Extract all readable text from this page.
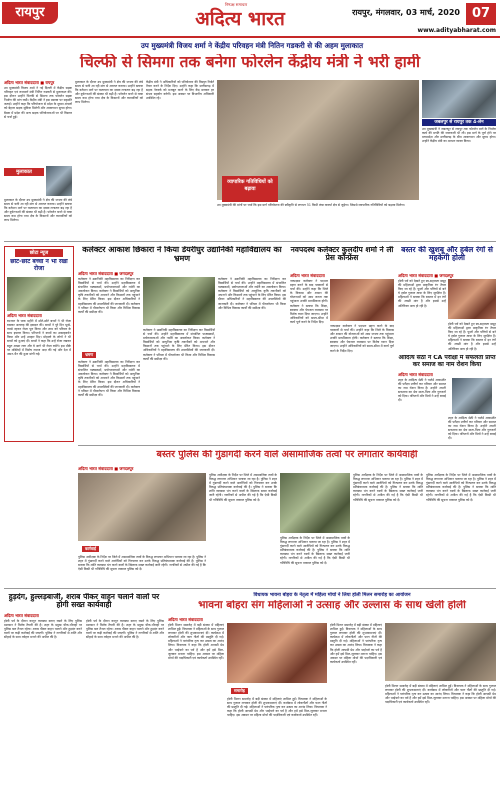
रायपुर
निष्पक्ष समाचार
अदित्य भारत	रायपुर, मंगलवार, 03 मार्च, 2020 07
www.adityabharat.com
उप मुख्यमंत्री विजय शर्मा ने केंद्रीय परिवहन मंत्री नितिन गडकरी से की अहम मुलाकात
चिल्फी से सिमगा तक बनेगा फोरलेन केंद्रीय मंत्री ने भरी हामी
अदित्य भारत संवाददाता ■ रायपुर
उप मुख्यमंत्री विजय शर्मा ने नई दिल्ली में केंद्रीय सड़क परिवहन एवं राजमार्ग मंत्री नितिन गडकरी से मुलाकात की। इस दौरान उन्होंने चिल्फी से सिमगा तक फोरलेन सड़क निर्माण की मांग रखी। केंद्रीय मंत्री ने इस प्रस्ताव पर सहमति जताई। उन्होंने कहा कि परियोजना से प्रदेश के दूरस्थ अंचलों को बेहतर सड़क सुविधा मिलेगी और आवागमन सुगम होगा। बैठक में प्रदेश की अन्य सड़क परियोजनाओं पर भी विस्तार से चर्चा हुई।
मुलाकात
मुलाकात के दौरान उप मुख्यमंत्री ने क्षेत्र की जनता की लंबे समय से चली आ रही मांग से अवगत कराया। उन्होंने बताया कि वर्तमान मार्ग पर यातायात का दबाव लगातार बढ़ रहा है और दुर्घटनाओं की संख्या भी बढ़ी है। फोरलेन बनने से यात्रा समय कम होगा तथा क्षेत्र के किसानों और व्यापारियों को लाभ मिलेगा।
मुलाकात के दौरान उप मुख्यमंत्री ने क्षेत्र की जनता की लंबे समय से चली आ रही मांग से अवगत कराया। उन्होंने बताया कि वर्तमान मार्ग पर यातायात का दबाव लगातार बढ़ रहा है और दुर्घटनाओं की संख्या भी बढ़ी है। फोरलेन बनने से यात्रा समय कम होगा तथा क्षेत्र के किसानों और व्यापारियों को लाभ मिलेगा।
केंद्रीय मंत्री ने अधिकारियों को परियोजना की विस्तृत रिपोर्ट तैयार करने के निर्देश दिए। उन्होंने कहा कि छत्तीसगढ़ में सड़क नेटवर्क को मजबूत करने के लिए केंद्र सरकार हर संभव सहयोग करेगी। इस अवसर पर विभागीय अधिकारी उपस्थित रहे।
व्यापारिक गतिविधियों को बढ़ावा
उप मुख्यमंत्री की मांगों पर चर्चा कि इस मार्ग परियोजना की स्वीकृति से लगभग 51 किमी लंबा कवर्धा क्षेत्र से जुड़ेगा। जिससे व्यापारिक गतिविधियों को बढ़ावा मिलेगा।
जबलपुर से रायपुर तक 4-लेन
उप मुख्यमंत्री ने जबलपुर से रायपुर तक फोरलेन मार्ग के निर्माण कार्य की प्रगति की जानकारी भी ली। इस मार्ग के पूर्ण होने पर मध्यप्रदेश और छत्तीसगढ़ के बीच आवागमन और सुगम होगा। उन्होंने केंद्रीय मंत्री का आभार व्यक्त किया।
छोटा न्यूज
छोटे-छोटे बच्चों ने भी रखा रोजा
अदित्य भारत संवाददाता
रमजान के पाक महीने में छोटे-छोटे बच्चों ने भी रोजा रखकर अल्लाह की इबादत की। बच्चों ने पूरे दिन भूखे-प्यासे रहकर रोजा पूरा किया और शाम को परिवार के साथ इफ्तार किया। परिजनों ने बच्चों का उत्साहवर्धन किया और उन्हें उपहार दिए। मोहल्ले के लोगों ने भी बच्चों को दुआएं दीं। बच्चों ने कहा कि उन्हें रोजा रखकर बहुत अच्छा लगा और वे आगे भी रोजा रखेंगे। इस मौके पर मस्जिदों में विशेष नमाज अदा की गई और देश में अमन-चैन की दुआ मांगी गई।
कलेक्टर आकाश छिकारा ने किया डेयरीघुर उद्यानिकी महाविद्यालय का भ्रमण
अदित्य भारत संवाददाता ■ जगदलपुर
कलेक्टर ने उद्यानिकी महाविद्यालय का निरीक्षण कर विद्यार्थियों से चर्चा की। उन्होंने महाविद्यालय में संचालित पाठ्यक्रमों, प्रयोगशालाओं और नर्सरी का अवलोकन किया। कलेक्टर ने विद्यार्थियों को आधुनिक कृषि तकनीकों को अपनाने और किसानों तक पहुंचाने के लिए प्रेरित किया। इस दौरान अधिकारियों ने महाविद्यालय की उपलब्धियों की जानकारी दी। कलेक्टर ने परिसर में पौधारोपण भी किया और विभिन्न विकास कार्यों की समीक्षा की।
भ्रमण
कलेक्टर ने उद्यानिकी महाविद्यालय का निरीक्षण कर विद्यार्थियों से चर्चा की। उन्होंने महाविद्यालय में संचालित पाठ्यक्रमों, प्रयोगशालाओं और नर्सरी का अवलोकन किया। कलेक्टर ने विद्यार्थियों को आधुनिक कृषि तकनीकों को अपनाने और किसानों तक पहुंचाने के लिए प्रेरित किया। इस दौरान अधिकारियों ने महाविद्यालय की उपलब्धियों की जानकारी दी। कलेक्टर ने परिसर में पौधारोपण भी किया और विभिन्न विकास कार्यों की समीक्षा की।
कलेक्टर ने उद्यानिकी महाविद्यालय का निरीक्षण कर विद्यार्थियों से चर्चा की। उन्होंने महाविद्यालय में संचालित पाठ्यक्रमों, प्रयोगशालाओं और नर्सरी का अवलोकन किया। कलेक्टर ने विद्यार्थियों को आधुनिक कृषि तकनीकों को अपनाने और किसानों तक पहुंचाने के लिए प्रेरित किया। इस दौरान अधिकारियों ने महाविद्यालय की उपलब्धियों की जानकारी दी। कलेक्टर ने परिसर में पौधारोपण भी किया और विभिन्न विकास कार्यों की समीक्षा की।
कलेक्टर ने उद्यानिकी महाविद्यालय का निरीक्षण कर विद्यार्थियों से चर्चा की। उन्होंने महाविद्यालय में संचालित पाठ्यक्रमों, प्रयोगशालाओं और नर्सरी का अवलोकन किया। कलेक्टर ने विद्यार्थियों को आधुनिक कृषि तकनीकों को अपनाने और किसानों तक पहुंचाने के लिए प्रेरित किया। इस दौरान अधिकारियों ने महाविद्यालय की उपलब्धियों की जानकारी दी। कलेक्टर ने परिसर में पौधारोपण भी किया और विभिन्न विकास कार्यों की समीक्षा की।
नवपदस्थ कलेक्टर कुलदीप शर्मा ने ली प्रेस कॉन्फ्रेंस
अदित्य भारत संवाददाता
नवपदस्थ कलेक्टर ने पदभार ग्रहण करने के बाद पत्रकारों से चर्चा की। उन्होंने कहा कि जिले के विकास और शासन की योजनाओं को आम जनता तक पहुंचाना उनकी प्राथमिकता होगी। कलेक्टर ने बताया कि शिक्षा, स्वास्थ्य और पेयजल व्यवस्था पर विशेष ध्यान दिया जाएगा। उन्होंने अधिकारियों को समय-सीमा में कार्य पूर्ण करने के निर्देश दिए।
नवपदस्थ कलेक्टर ने पदभार ग्रहण करने के बाद पत्रकारों से चर्चा की। उन्होंने कहा कि जिले के विकास और शासन की योजनाओं को आम जनता तक पहुंचाना उनकी प्राथमिकता होगी। कलेक्टर ने बताया कि शिक्षा, स्वास्थ्य और पेयजल व्यवस्था पर विशेष ध्यान दिया जाएगा। उन्होंने अधिकारियों को समय-सीमा में कार्य पूर्ण करने के निर्देश दिए।
बस्तर की खुशबू और हर्बल रंगों से महकेगी होली
अदित्य भारत संवाददाता ■ जगदलपुर
होली पर्व को देखते हुए स्व-सहायता समूह की महिलाओं द्वारा प्राकृतिक रंग तैयार किए जा रहे हैं। फूलों और पत्तियों से बने ये हर्बल गुलाल त्वचा के लिए सुरक्षित हैं। महिलाओं ने बताया कि बाजार में इन रंगों की अच्छी मांग है और इससे उन्हें अतिरिक्त आय हो रही है।
होली पर्व को देखते हुए स्व-सहायता समूह की महिलाओं द्वारा प्राकृतिक रंग तैयार किए जा रहे हैं। फूलों और पत्तियों से बने ये हर्बल गुलाल त्वचा के लिए सुरक्षित हैं। महिलाओं ने बताया कि बाजार में इन रंगों की अच्छी मांग है और इससे उन्हें अतिरिक्त आय हो रही है।
आदित्य सेठी ने CA परीक्षा में सफलता प्राप्त कर समाज का नाम रोशन किया
अदित्य भारत संवाददाता
शहर के आदित्य सेठी ने चार्टर्ड अकाउंटेंट की परीक्षा उत्तीर्ण कर परिवार और समाज का नाम रोशन किया है। उन्होंने अपनी सफलता का श्रेय माता-पिता और गुरुजनों को दिया। परिजनों और मित्रों ने उन्हें बधाई दी।
शहर के आदित्य सेठी ने चार्टर्ड अकाउंटेंट की परीक्षा उत्तीर्ण कर परिवार और समाज का नाम रोशन किया है। उन्होंने अपनी सफलता का श्रेय माता-पिता और गुरुजनों को दिया। परिजनों और मित्रों ने उन्हें बधाई दी।
बस्तर पुलिस की गुंडागर्दी करने वाले असामाजिक तत्वों पर लगातार कार्यवाही
अदित्य भारत संवाददाता ■ जगदलपुर
कार्रवाई
पुलिस अधीक्षक के निर्देश पर जिले में असामाजिक तत्वों के विरुद्ध लगातार अभियान चलाया जा रहा है। पुलिस ने शहर में गुंडागर्दी करने वाले आरोपियों को गिरफ्तार कर उनके विरुद्ध प्रतिबंधात्मक कार्रवाई की है। पुलिस ने बताया कि शांति व्यवस्था भंग करने वालों के खिलाफ सख्त कार्रवाई जारी रहेगी। नागरिकों से अपील की गई है कि ऐसी किसी भी गतिविधि की सूचना तत्काल पुलिस को दें।
पुलिस अधीक्षक के निर्देश पर जिले में असामाजिक तत्वों के विरुद्ध लगातार अभियान चलाया जा रहा है। पुलिस ने शहर में गुंडागर्दी करने वाले आरोपियों को गिरफ्तार कर उनके विरुद्ध प्रतिबंधात्मक कार्रवाई की है। पुलिस ने बताया कि शांति व्यवस्था भंग करने वालों के खिलाफ सख्त कार्रवाई जारी रहेगी। नागरिकों से अपील की गई है कि ऐसी किसी भी गतिविधि की सूचना तत्काल पुलिस को दें।
पुलिस अधीक्षक के निर्देश पर जिले में असामाजिक तत्वों के विरुद्ध लगातार अभियान चलाया जा रहा है। पुलिस ने शहर में गुंडागर्दी करने वाले आरोपियों को गिरफ्तार कर उनके विरुद्ध प्रतिबंधात्मक कार्रवाई की है। पुलिस ने बताया कि शांति व्यवस्था भंग करने वालों के खिलाफ सख्त कार्रवाई जारी रहेगी। नागरिकों से अपील की गई है कि ऐसी किसी भी गतिविधि की सूचना तत्काल पुलिस को दें।
पुलिस अधीक्षक के निर्देश पर जिले में असामाजिक तत्वों के विरुद्ध लगातार अभियान चलाया जा रहा है। पुलिस ने शहर में गुंडागर्दी करने वाले आरोपियों को गिरफ्तार कर उनके विरुद्ध प्रतिबंधात्मक कार्रवाई की है। पुलिस ने बताया कि शांति व्यवस्था भंग करने वालों के खिलाफ सख्त कार्रवाई जारी रहेगी। नागरिकों से अपील की गई है कि ऐसी किसी भी गतिविधि की सूचना तत्काल पुलिस को दें।
पुलिस अधीक्षक के निर्देश पर जिले में असामाजिक तत्वों के विरुद्ध लगातार अभियान चलाया जा रहा है। पुलिस ने शहर में गुंडागर्दी करने वाले आरोपियों को गिरफ्तार कर उनके विरुद्ध प्रतिबंधात्मक कार्रवाई की है। पुलिस ने बताया कि शांति व्यवस्था भंग करने वालों के खिलाफ सख्त कार्रवाई जारी रहेगी। नागरिकों से अपील की गई है कि ऐसी किसी भी गतिविधि की सूचना तत्काल पुलिस को दें।
हुड़दंग, हुल्लड़बाजी, शराब पीकर वाहन चलाने वालों पर होगी सख्त कार्यवाही
अदित्य भारत संवाददाता
होली पर्व के दौरान कानून व्यवस्था बनाए रखने के लिए पुलिस प्रशासन ने विशेष तैयारी की है। शहर के प्रमुख चौक-चौराहों पर पुलिस बल तैनात रहेगा। शराब पीकर वाहन चलाने और हुड़दंग करने वालों पर कड़ी कार्रवाई की जाएगी। पुलिस ने नागरिकों से शांति और सौहार्द के साथ त्योहार मनाने की अपील की है।
होली पर्व के दौरान कानून व्यवस्था बनाए रखने के लिए पुलिस प्रशासन ने विशेष तैयारी की है। शहर के प्रमुख चौक-चौराहों पर पुलिस बल तैनात रहेगा। शराब पीकर वाहन चलाने और हुड़दंग करने वालों पर कड़ी कार्रवाई की जाएगी। पुलिस ने नागरिकों से शांति और सौहार्द के साथ त्योहार मनाने की अपील की है।
विधायक भावना बोहरा के नेतृत्व में महिला मोर्चा ने लिया होली मिलन समारोह का आयोजन
भावना बोहरा संग महिलाओं ने उत्साह और उल्लास के साथ खेली होली
अदित्य भारत संवाददाता
होली मिलन समारोह में बड़ी संख्या में महिलाएं शामिल हुईं। विधायक ने महिलाओं के साथ गुलाल लगाकर होली की शुभकामनाएं दीं। कार्यक्रम में लोकगीतों और फाग गीतों की प्रस्तुति दी गई। महिलाओं ने पारंपरिक नृत्य कर उत्सव का आनंद लिया। विधायक ने कहा कि होली आपसी प्रेम और भाईचारे का पर्व है और हमें इसे मिल-जुलकर मनाना चाहिए। इस अवसर पर महिला मोर्चा की पदाधिकारी एवं कार्यकर्ता उपस्थित रहीं।
समारोह
होली मिलन समारोह में बड़ी संख्या में महिलाएं शामिल हुईं। विधायक ने महिलाओं के साथ गुलाल लगाकर होली की शुभकामनाएं दीं। कार्यक्रम में लोकगीतों और फाग गीतों की प्रस्तुति दी गई। महिलाओं ने पारंपरिक नृत्य कर उत्सव का आनंद लिया। विधायक ने कहा कि होली आपसी प्रेम और भाईचारे का पर्व है और हमें इसे मिल-जुलकर मनाना चाहिए। इस अवसर पर महिला मोर्चा की पदाधिकारी एवं कार्यकर्ता उपस्थित रहीं।
होली मिलन समारोह में बड़ी संख्या में महिलाएं शामिल हुईं। विधायक ने महिलाओं के साथ गुलाल लगाकर होली की शुभकामनाएं दीं। कार्यक्रम में लोकगीतों और फाग गीतों की प्रस्तुति दी गई। महिलाओं ने पारंपरिक नृत्य कर उत्सव का आनंद लिया। विधायक ने कहा कि होली आपसी प्रेम और भाईचारे का पर्व है और हमें इसे मिल-जुलकर मनाना चाहिए। इस अवसर पर महिला मोर्चा की पदाधिकारी एवं कार्यकर्ता उपस्थित रहीं।
होली मिलन समारोह में बड़ी संख्या में महिलाएं शामिल हुईं। विधायक ने महिलाओं के साथ गुलाल लगाकर होली की शुभकामनाएं दीं। कार्यक्रम में लोकगीतों और फाग गीतों की प्रस्तुति दी गई। महिलाओं ने पारंपरिक नृत्य कर उत्सव का आनंद लिया। विधायक ने कहा कि होली आपसी प्रेम और भाईचारे का पर्व है और हमें इसे मिल-जुलकर मनाना चाहिए। इस अवसर पर महिला मोर्चा की पदाधिकारी एवं कार्यकर्ता उपस्थित रहीं।
